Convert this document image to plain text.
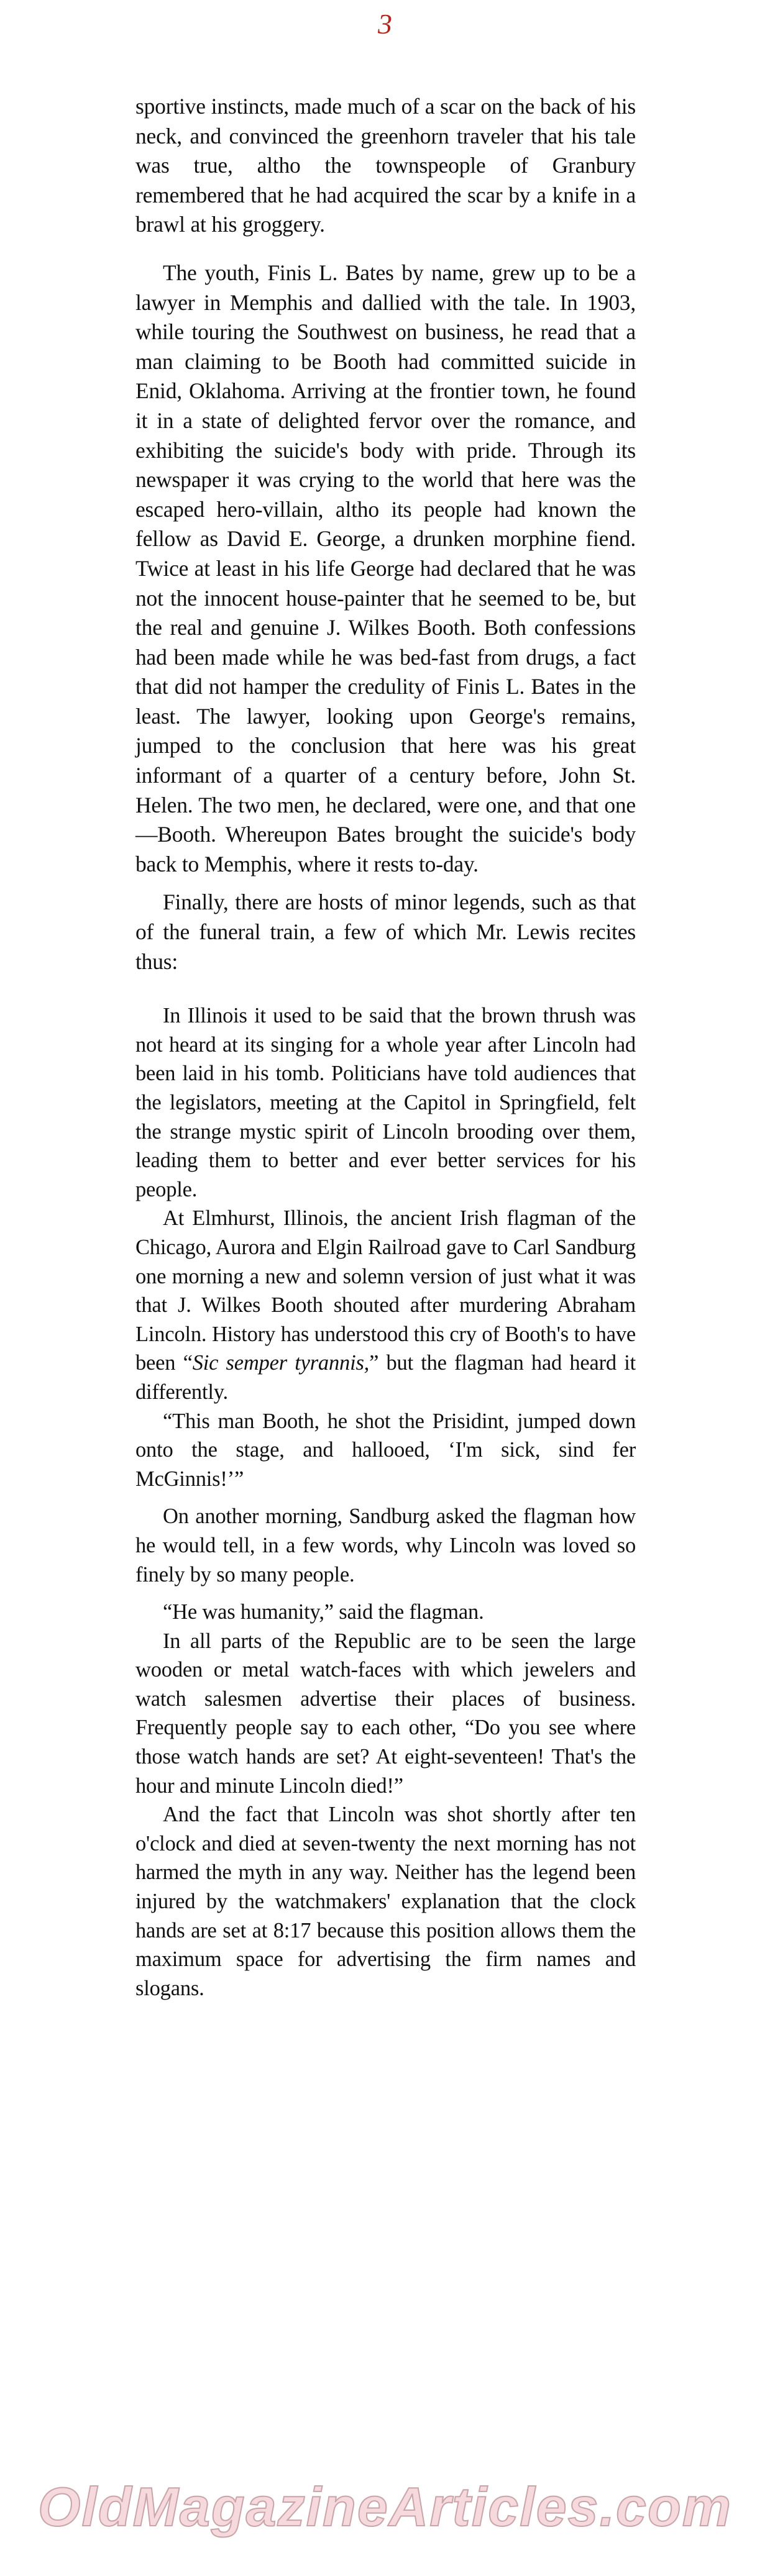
3

sportive instincts, made much of a scar on the back of his neck, and convinced the greenhorn traveler that his tale was true, altho the townspeople of Granbury remembered that he had acquired the scar by a knife in a brawl at his groggery.

The youth, Finis L. Bates by name, grew up to be a lawyer in Memphis and dallied with the tale. In 1903, while touring the Southwest on business, he read that a man claiming to be Booth had committed suicide in Enid, Oklahoma. Arriving at the frontier town, he found it in a state of delighted fervor over the romance, and exhibiting the suicide's body with pride. Through its newspaper it was crying to the world that here was the escaped hero-villain, altho its people had known the fellow as David E. George, a drunken morphine fiend. Twice at least in his life George had declared that he was not the innocent house-painter that he seemed to be, but the real and genuine J. Wilkes Booth. Both confessions had been made while he was bed-fast from drugs, a fact that did not hamper the credulity of Finis L. Bates in the least. The lawyer, looking upon George's remains, jumped to the conclusion that here was his great informant of a quarter of a century before, John St. Helen. The two men, he declared, were one, and that one—Booth. Whereupon Bates brought the suicide's body back to Memphis, where it rests to-day.

Finally, there are hosts of minor legends, such as that of the funeral train, a few of which Mr. Lewis recites thus:

In Illinois it used to be said that the brown thrush was not heard at its singing for a whole year after Lincoln had been laid in his tomb. Politicians have told audiences that the legislators, meeting at the Capitol in Springfield, felt the strange mystic spirit of Lincoln brooding over them, leading them to better and ever better services for his people.

At Elmhurst, Illinois, the ancient Irish flagman of the Chicago, Aurora and Elgin Railroad gave to Carl Sandburg one morning a new and solemn version of just what it was that J. Wilkes Booth shouted after murdering Abraham Lincoln. History has understood this cry of Booth's to have been “Sic semper tyrannis,” but the flagman had heard it differently.

“This man Booth, he shot the Prisidint, jumped down onto the stage, and hallooed, ‘I'm sick, sind fer McGinnis!’”

On another morning, Sandburg asked the flagman how he would tell, in a few words, why Lincoln was loved so finely by so many people.

“He was humanity,” said the flagman.

In all parts of the Republic are to be seen the large wooden or metal watch-faces with which jewelers and watch salesmen advertise their places of business. Frequently people say to each other, “Do you see where those watch hands are set? At eight-seventeen! That's the hour and minute Lincoln died!”

And the fact that Lincoln was shot shortly after ten o'clock and died at seven-twenty the next morning has not harmed the myth in any way. Neither has the legend been injured by the watchmakers' explanation that the clock hands are set at 8:17 because this position allows them the maximum space for advertising the firm names and slogans.

OldMagazineArticles.com
